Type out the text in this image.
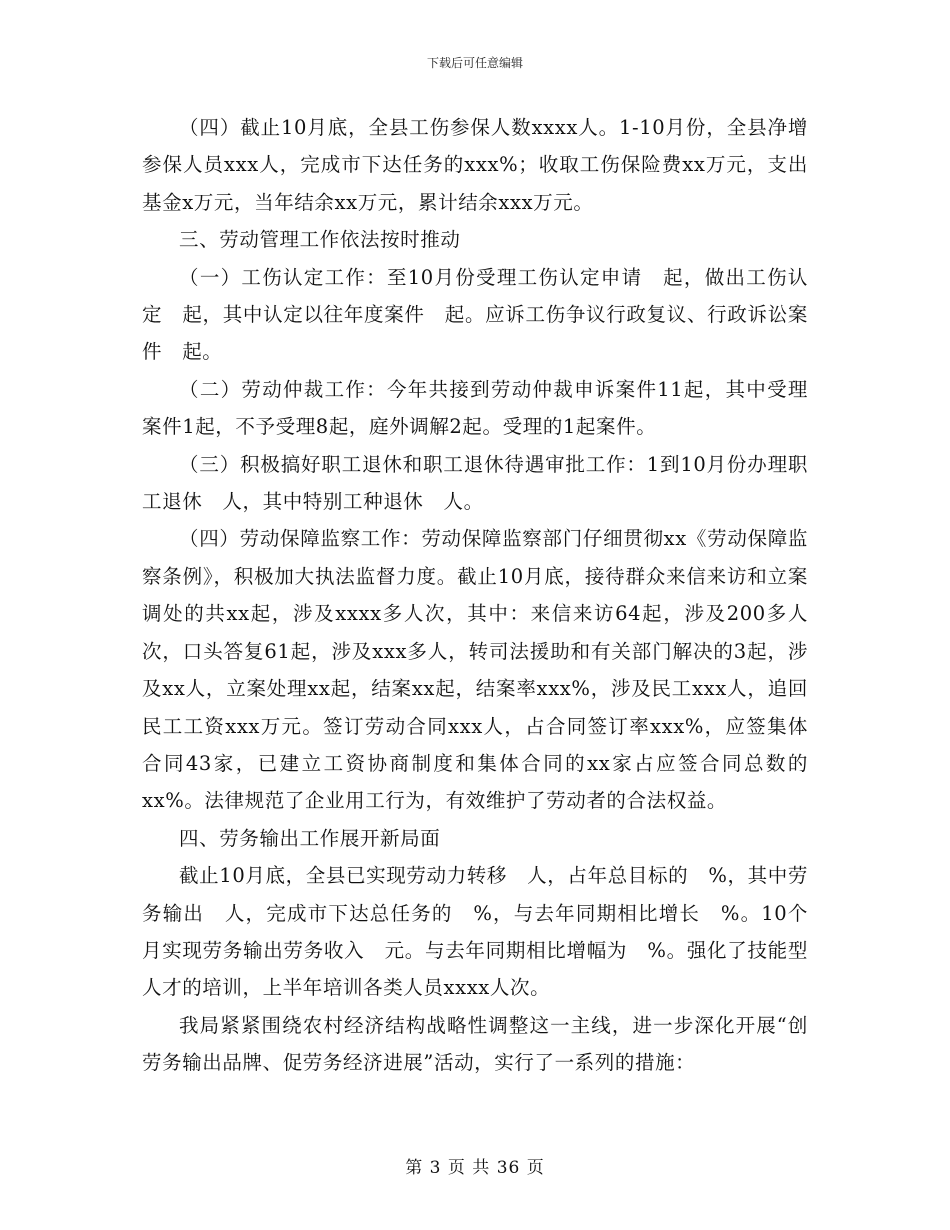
下载后可任意编辑

（四）截止10月底，全县工伤参保人数xxxx人。1-10月份，全县净增参保人员xxx人，完成市下达任务的xxx%；收取工伤保险费xx万元，支出基金x万元，当年结余xx万元，累计结余xxx万元。

三、劳动管理工作依法按时推动

（一）工伤认定工作：至10月份受理工伤认定申请　起，做出工伤认定　起，其中认定以往年度案件　起。应诉工伤争议行政复议、行政诉讼案件　起。

（二）劳动仲裁工作：今年共接到劳动仲裁申诉案件11起，其中受理案件1起，不予受理8起，庭外调解2起。受理的1起案件。

（三）积极搞好职工退休和职工退休待遇审批工作：1到10月份办理职工退休　人，其中特别工种退休　人。

（四）劳动保障监察工作：劳动保障监察部门仔细贯彻xx《劳动保障监察条例》，积极加大执法监督力度。截止10月底，接待群众来信来访和立案调处的共xx起，涉及xxxx多人次，其中：来信来访64起，涉及200多人次，口头答复61起，涉及xxx多人，转司法援助和有关部门解决的3起，涉及xx人，立案处理xx起，结案xx起，结案率xxx%，涉及民工xxx人，追回民工工资xxx万元。签订劳动合同xxx人，占合同签订率xxx%，应签集体合同43家，已建立工资协商制度和集体合同的xx家占应签合同总数的xx%。法律规范了企业用工行为，有效维护了劳动者的合法权益。

四、劳务输出工作展开新局面

截止10月底，全县已实现劳动力转移　人，占年总目标的　%，其中劳务输出　人，完成市下达总任务的　%，与去年同期相比增长　%。10个月实现劳务输出劳务收入　元。与去年同期相比增幅为　%。强化了技能型人才的培训，上半年培训各类人员xxxx人次。

我局紧紧围绕农村经济结构战略性调整这一主线，进一步深化开展“创劳务输出品牌、促劳务经济进展”活动，实行了一系列的措施：

第 3 页 共 36 页
